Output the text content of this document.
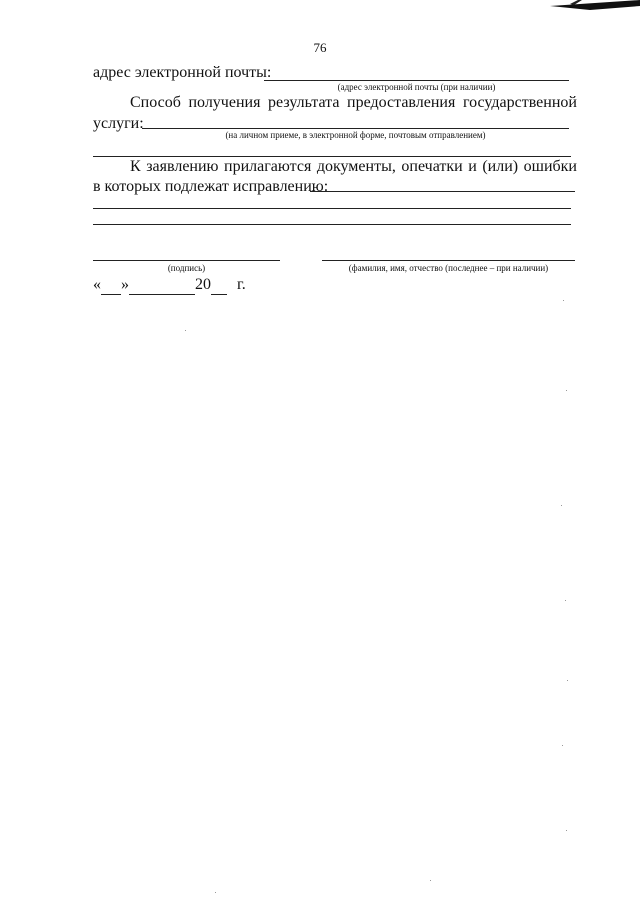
76
адрес электронной почты:
(адрес электронной почты (при наличии)
Способ получения результата предоставления государственной
услуги:
(на личном приеме, в электронной форме, почтовым отправлением)
К заявлению прилагаются документы, опечатки и (или) ошибки
в которых подлежат исправлению:
(подпись)	(фамилия, имя, отчество (последнее – при наличии)
« »	20 г.
